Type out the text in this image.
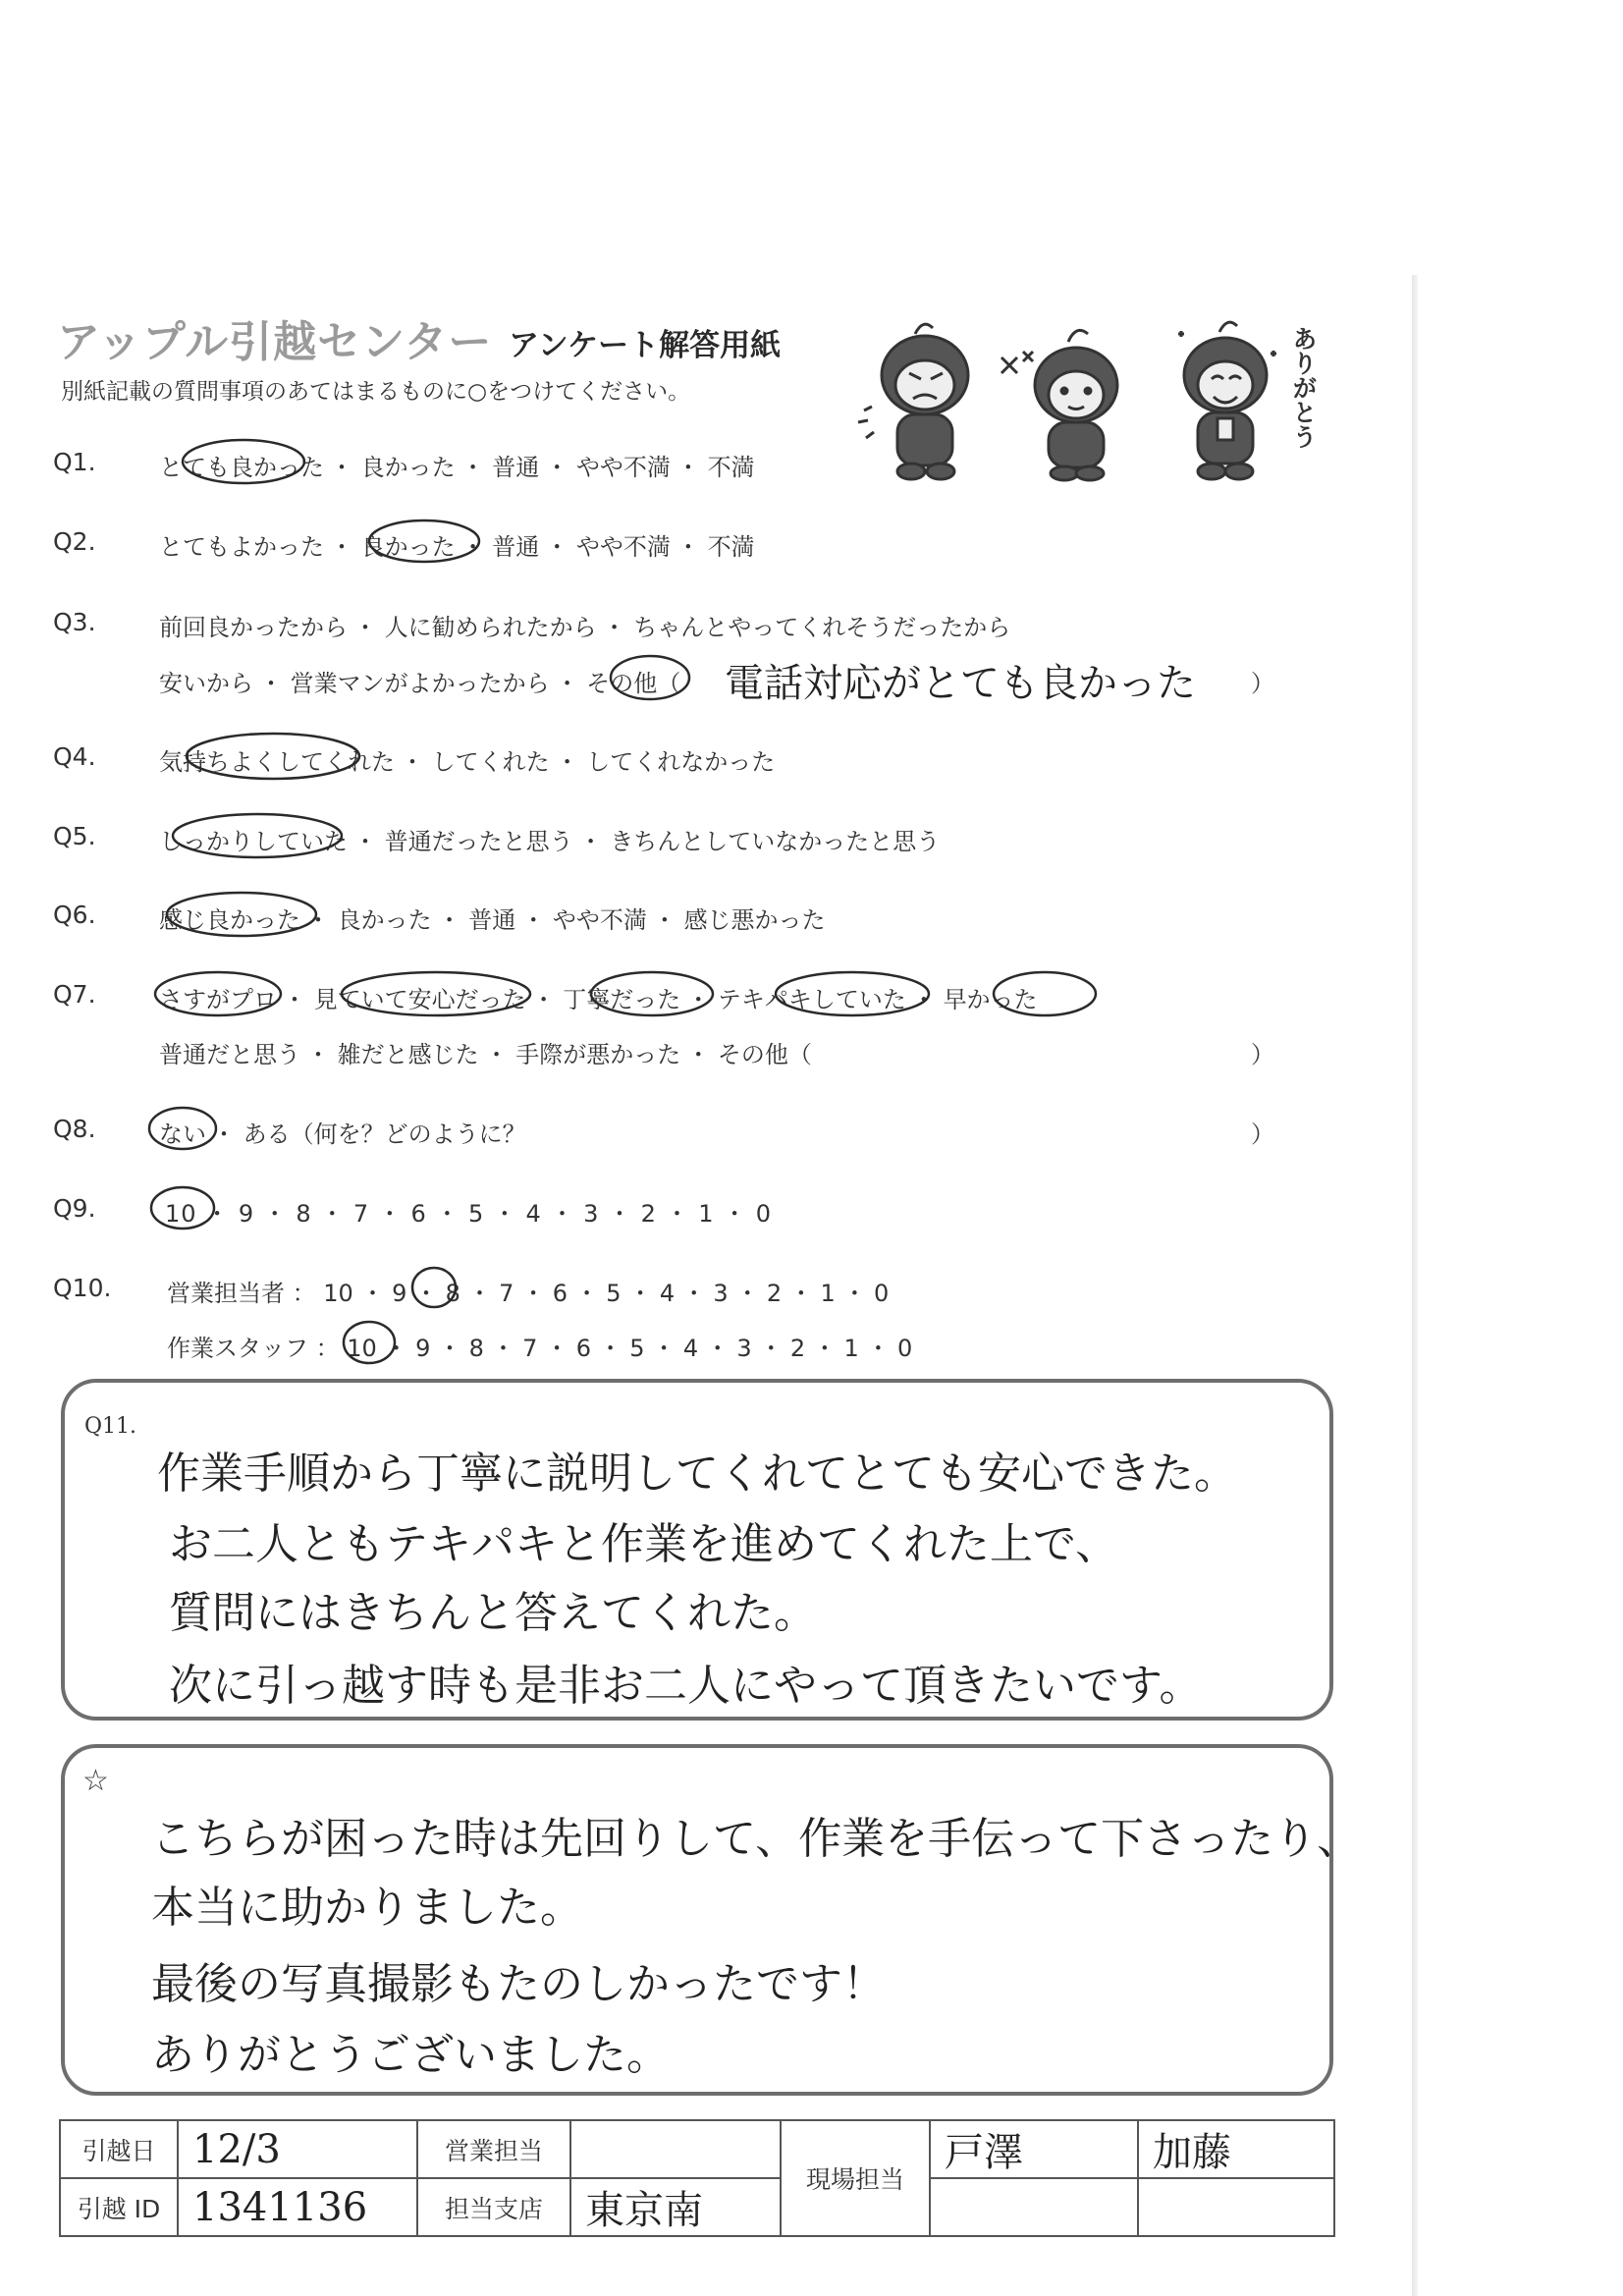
アップル引越センター アンケート解答用紙
別紙記載の質問事項のあてはまるものに○をつけてください。	ありがとう
Q1.	とても良かった ・ 良かった ・ 普通 ・ やや不満 ・ 不満
Q2.	とてもよかった ・ 良かった ・ 普通 ・ やや不満 ・ 不満
Q3.	前回良かったから ・ 人に勧められたから ・ ちゃんとやってくれそうだったから
安いから ・ 営業マンがよかったから ・ その他（ 電話対応がとても良かった ）
Q4.	気持ちよくしてくれた ・ してくれた ・ してくれなかった
Q5.	しっかりしていた ・ 普通だったと思う ・ きちんとしていなかったと思う
Q6.	感じ良かった ・ 良かった ・ 普通 ・ やや不満 ・ 感じ悪かった
Q7.	さすがプロ ・ 見ていて安心だった ・ 丁寧だった ・ テキパキしていた ・ 早かった
普通だと思う ・ 雑だと感じた ・ 手際が悪かった ・ その他（	）
Q8.	ない ・ ある（何を？どのように？	）
Q9.	10 ・ 9 ・ 8 ・ 7 ・ 6 ・ 5 ・ 4 ・ 3 ・ 2 ・ 1 ・ 0
Q10. 営業担当者 ： 10 ・ 9 ・ 8 ・ 7 ・ 6 ・ 5 ・ 4 ・ 3 ・ 2 ・ 1 ・ 0
作業スタッフ ： 10 ・ 9 ・ 8 ・ 7 ・ 6 ・ 5 ・ 4 ・ 3 ・ 2 ・ 1 ・ 0
Q11.
作業手順から丁寧に説明してくれてとても安心できた。
お二人ともテキパキと作業を進めてくれた上で、
質問にはきちんと答えてくれた。
次に引っ越す時も是非お二人にやって頂きたいです。
☆
こちらが困った時は先回りして、作業を手伝って下さったり、
本当に助かりました。
最後の写真撮影もたのしかったです！
ありがとうございました。
引越日	12/3	営業担当		現場担当	戸澤	加藤
引越 ID	1341136	担当支店	東京南			
